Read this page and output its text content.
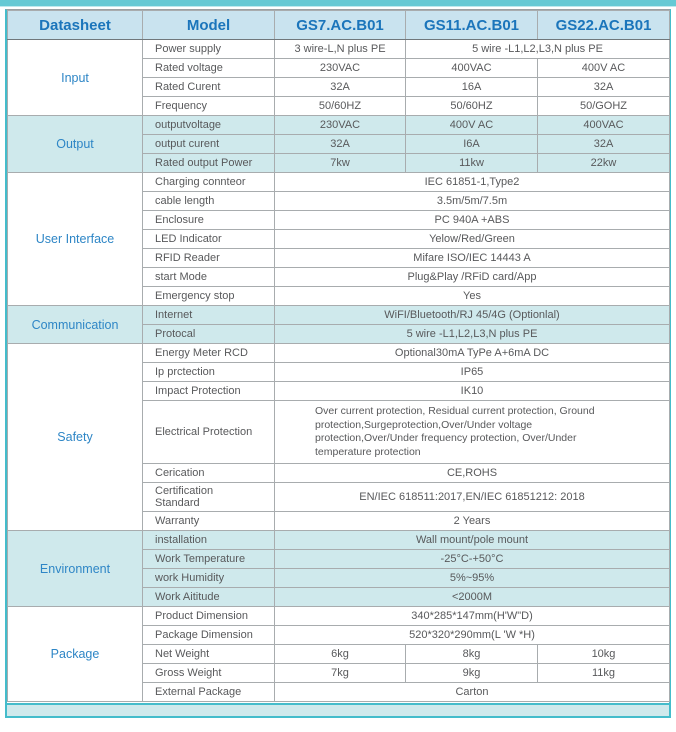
Datasheet	Model	GS7.AC.B01	GS11.AC.B01	GS22.AC.B01
Input	Power supply	3 wire-L,N plus PE	5 wire -L1,L2,L3,N plus PE	
	Rated voltage	230VAC	400VAC	400V AC
	Rated Curent	32A	16A	32A
	Frequency	50/60HZ	50/60HZ	50/GOHZ
Output	outputvoltage	230VAC	400V AC	400VAC
	output curent	32A	I6A	32A
	Rated output Power	7kw	11kw	22kw
User Interface	Charging connteor	IEC 61851-1,Type2		
	cable length	3.5m/5m/7.5m		
	Enclosure	PC 940A +ABS		
	LED Indicator	Yelow/Red/Green		
	RFID Reader	Mifare ISO/IEC 14443 A		
	start Mode	Plug&Play /RFiD card/App		
	Emergency stop	Yes		
Communication	Internet	WiFI/Bluetooth/RJ 45/4G (Optionlal)		
	Protocal	5 wire -L1,L2,L3,N plus PE		
Safety	Energy Meter RCD	Optional30mA TyPe A+6mA DC		
	Ip prctection	IP65		
	Impact Protection	IK10		
	Electrical Protection	Over current protection, Residual current protection, Ground protection,Surgeprotection,Over/Under voltage protection,Over/Under frequency protection, Over/Under temperature protection		
	Cerication	CE,ROHS		
	Certification Standard	EN/IEC 618511:2017,EN/IEC 61851212: 2018		
	Warranty	2 Years		
Environment	installation	Wall mount/pole mount		
	Work Temperature	-25°C-+50°C		
	work Humidity	5%~95%		
	Work Aititude	<2000M		
Package	Product Dimension	340*285*147mm(H'W"D)		
	Package Dimension	520*320*290mm(L 'W *H)		
	Net Weight	6kg	8kg	10kg
	Gross Weight	7kg	9kg	11kg
	External Package	Carton		
